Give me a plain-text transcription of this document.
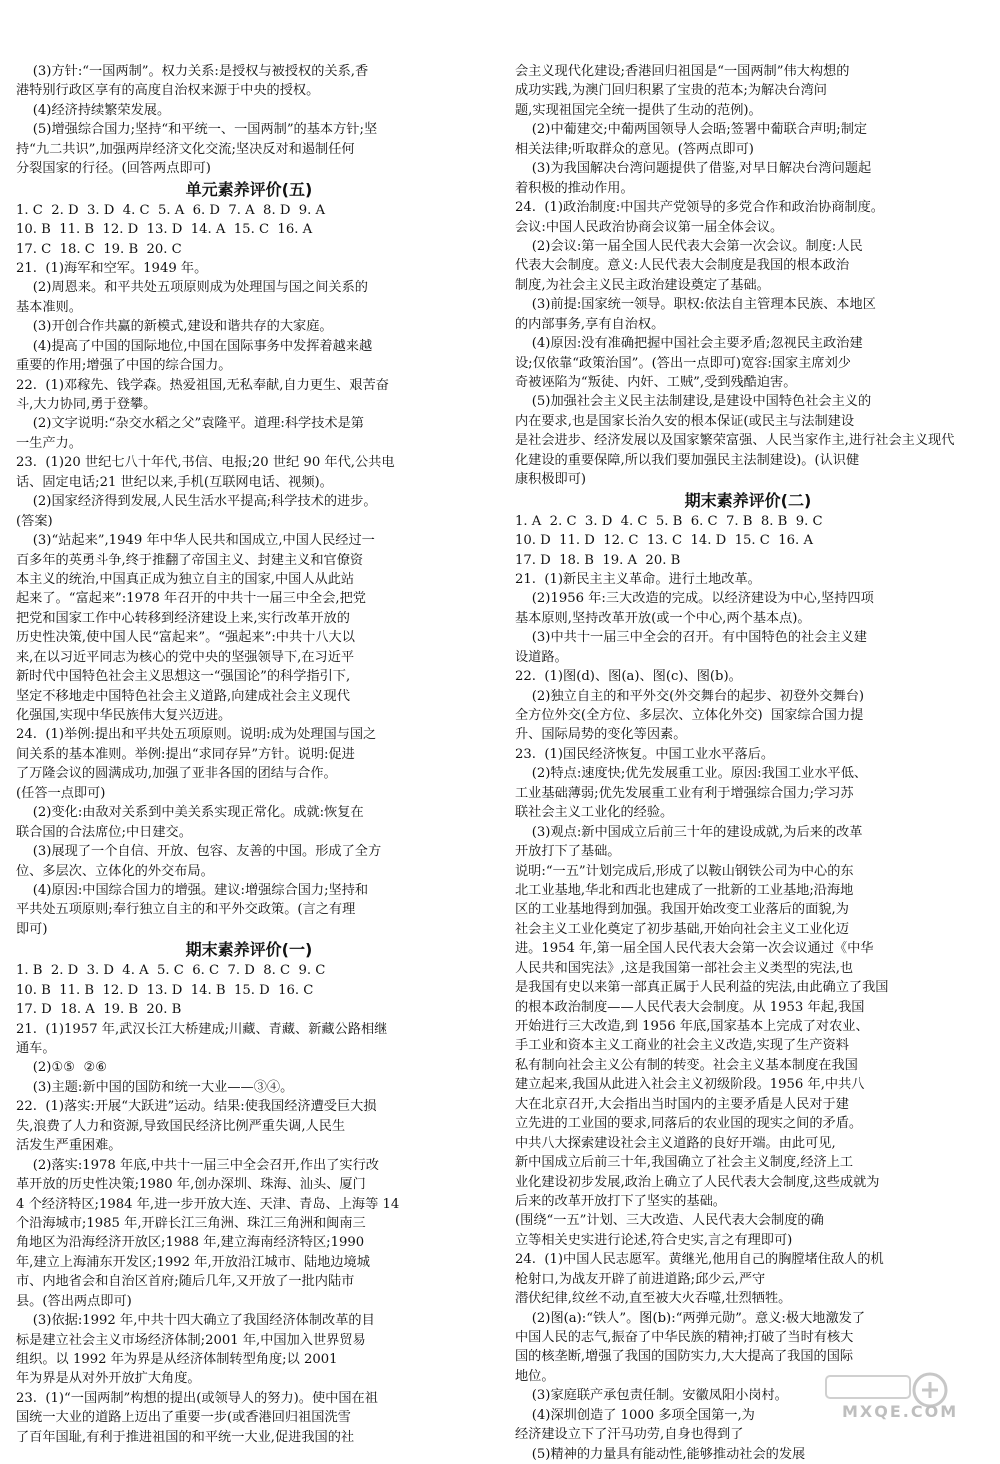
(3)方针:“一国两制”。权力关系:是授权与被授权的关系,香
港特别行政区享有的高度自治权来源于中央的授权。
(4)经济持续繁荣发展。
(5)增强综合国力;坚持“和平统一、一国两制”的基本方针;坚
持“九二共识”,加强两岸经济文化交流;坚决反对和遏制任何
分裂国家的行径。(回答两点即可)
单元素养评价(五)
1. C  2. D  3. D  4. C  5. A  6. D  7. A  8. D  9. A
10. B  11. B  12. D  13. D  14. A  15. C  16. A
17. C  18. C  19. B  20. C
21.  (1)海军和空军。1949 年。
(2)周恩来。和平共处五项原则成为处理国与国之间关系的
基本准则。
(3)开创合作共赢的新模式,建设和谐共存的大家庭。
(4)提高了中国的国际地位,中国在国际事务中发挥着越来越
重要的作用;增强了中国的综合国力。
22.  (1)邓稼先、钱学森。热爱祖国,无私奉献,自力更生、艰苦奋
斗,大力协同,勇于登攀。
(2)文字说明:“杂交水稻之父”袁隆平。道理:科学技术是第
一生产力。
23.  (1)20 世纪七八十年代,书信、电报;20 世纪 90 年代,公共电
话、固定电话;21 世纪以来,手机(互联网电话、视频)。
(2)国家经济得到发展,人民生活水平提高;科学技术的进步。
(答案)
(3)“站起来”,1949 年中华人民共和国成立,中国人民经过一
百多年的英勇斗争,终于推翻了帝国主义、封建主义和官僚资
本主义的统治,中国真正成为独立自主的国家,中国人从此站
起来了。“富起来”:1978 年召开的中共十一届三中全会,把党
把党和国家工作中心转移到经济建设上来,实行改革开放的
历史性决策,使中国人民“富起来”。“强起来”:中共十八大以
来,在以习近平同志为核心的党中央的坚强领导下,在习近平
新时代中国特色社会主义思想这一“强国论”的科学指引下,
坚定不移地走中国特色社会主义道路,向建成社会主义现代
化强国,实现中华民族伟大复兴迈进。
24.  (1)举例:提出和平共处五项原则。说明:成为处理国与国之
间关系的基本准则。举例:提出“求同存异”方针。说明:促进
了万隆会议的圆满成功,加强了亚非各国的团结与合作。
(任答一点即可)
(2)变化:由敌对关系到中美关系实现正常化。成就:恢复在
联合国的合法席位;中日建交。
(3)展现了一个自信、开放、包容、友善的中国。形成了全方
位、多层次、立体化的外交布局。
(4)原因:中国综合国力的增强。建议:增强综合国力;坚持和
平共处五项原则;奉行独立自主的和平外交政策。(言之有理
即可)
期末素养评价(一)
1. B  2. D  3. D  4. A  5. C  6. C  7. D  8. C  9. C
10. B  11. B  12. D  13. D  14. B  15. D  16. C
17. D  18. A  19. B  20. B
21.  (1)1957 年,武汉长江大桥建成;川藏、青藏、新藏公路相继
通车。
(2)①⑤  ②⑥
(3)主题:新中国的国防和统一大业——③④。
22.  (1)落实:开展“大跃进”运动。结果:使我国经济遭受巨大损
失,浪费了人力和资源,导致国民经济比例严重失调,人民生
活发生严重困难。
(2)落实:1978 年底,中共十一届三中全会召开,作出了实行改
革开放的历史性决策;1980 年,创办深圳、珠海、汕头、厦门
4 个经济特区;1984 年,进一步开放大连、天津、青岛、上海等 14
个沿海城市;1985 年,开辟长江三角洲、珠江三角洲和闽南三
角地区为沿海经济开放区;1988 年,建立海南经济特区;1990
年,建立上海浦东开发区;1992 年,开放沿江城市、陆地边境城
市、内地省会和自治区首府;随后几年,又开放了一批内陆市
县。(答出两点即可)
(3)依据:1992 年,中共十四大确立了我国经济体制改革的目
标是建立社会主义市场经济体制;2001 年,中国加入世界贸易
组织。以 1992 年为界是从经济体制转型角度;以 2001
年为界是从对外开放扩大角度。
23.  (1)“一国两制”构想的提出(或领导人的努力)。使中国在祖
国统一大业的道路上迈出了重要一步(或香港回归祖国洗雪
了百年国耻,有利于推进祖国的和平统一大业,促进我国的社
会主义现代化建设;香港回归祖国是“一国两制”伟大构想的
成功实践,为澳门回归积累了宝贵的范本;为解决台湾问
题,实现祖国完全统一提供了生动的范例)。
(2)中葡建交;中葡两国领导人会晤;签署中葡联合声明;制定
相关法律;听取群众的意见。(答两点即可)
(3)为我国解决台湾问题提供了借鉴,对早日解决台湾问题起
着积极的推动作用。
24.  (1)政治制度:中国共产党领导的多党合作和政治协商制度。
会议:中国人民政治协商会议第一届全体会议。
(2)会议:第一届全国人民代表大会第一次会议。制度:人民
代表大会制度。意义:人民代表大会制度是我国的根本政治
制度,为社会主义民主政治建设奠定了基础。
(3)前提:国家统一领导。职权:依法自主管理本民族、本地区
的内部事务,享有自治权。
(4)原因:没有准确把握中国社会主要矛盾;忽视民主政治建
设;仅依靠“政策治国”。(答出一点即可)宽容:国家主席刘少
奇被诬陷为“叛徒、内奸、工贼”,受到残酷迫害。
(5)加强社会主义民主法制建设,是建设中国特色社会主义的
内在要求,也是国家长治久安的根本保证(或民主与法制建设
是社会进步、经济发展以及国家繁荣富强、人民当家作主,进行社会主义现代
化建设的重要保障,所以我们要加强民主法制建设)。(认识健
康积极即可)
期末素养评价(二)
1. A  2. C  3. D  4. C  5. B  6. C  7. B  8. B  9. C
10. D  11. D  12. C  13. C  14. D  15. C  16. A
17. D  18. B  19. A  20. B
21.  (1)新民主主义革命。进行土地改革。
(2)1956 年:三大改造的完成。以经济建设为中心,坚持四项
基本原则,坚持改革开放(或一个中心,两个基本点)。
(3)中共十一届三中全会的召开。有中国特色的社会主义建
设道路。
22.  (1)图(d)、图(a)、图(c)、图(b)。
(2)独立自主的和平外交(外交舞台的起步、初登外交舞台)
全方位外交(全方位、多层次、立体化外交)  国家综合国力提
升、国际局势的变化等因素。
23.  (1)国民经济恢复。中国工业水平落后。
(2)特点:速度快;优先发展重工业。原因:我国工业水平低、
工业基础薄弱;优先发展重工业有利于增强综合国力;学习苏
联社会主义工业化的经验。
(3)观点:新中国成立后前三十年的建设成就,为后来的改革
开放打下了基础。
说明:“一五”计划完成后,形成了以鞍山钢铁公司为中心的东
北工业基地,华北和西北也建成了一批新的工业基地;沿海地
区的工业基地得到加强。我国开始改变工业落后的面貌,为
社会主义工业化奠定了初步基础,开始向社会主义工业化迈
进。1954 年,第一届全国人民代表大会第一次会议通过《中华
人民共和国宪法》,这是我国第一部社会主义类型的宪法,也
是我国有史以来第一部真正属于人民利益的宪法,由此确立了我国
的根本政治制度——人民代表大会制度。从 1953 年起,我国
开始进行三大改造,到 1956 年底,国家基本上完成了对农业、
手工业和资本主义工商业的社会主义改造,实现了生产资料
私有制向社会主义公有制的转变。社会主义基本制度在我国
建立起来,我国从此进入社会主义初级阶段。1956 年,中共八
大在北京召开,大会指出当时国内的主要矛盾是人民对于建
立先进的工业国的要求,同落后的农业国的现实之间的矛盾。
中共八大探索建设社会主义道路的良好开端。由此可见,
新中国成立后前三十年,我国确立了社会主义制度,经济上工
业化建设初步发展,政治上确立了人民代表大会制度,这些成就为
后来的改革开放打下了坚实的基础。
(围绕“一五”计划、三大改造、人民代表大会制度的确
立等相关史实进行论述,符合史实,言之有理即可)
24.  (1)中国人民志愿军。黄继光,他用自己的胸膛堵住敌人的机
枪射口,为战友开辟了前进道路;邱少云,严守
潜伏纪律,纹丝不动,直至被大火吞噬,壮烈牺牲。
(2)图(a):“铁人”。图(b):“两弹元勋”。意义:极大地激发了
中国人民的志气,振奋了中华民族的精神;打破了当时有核大
国的核垄断,增强了我国的国防实力,大大提高了我国的国际
地位。
(3)家庭联产承包责任制。安徽凤阳小岗村。
(4)深圳创造了 1000 多项全国第一,为
经济建设立下了汗马功劳,自身也得到了
(5)精神的力量具有能动性,能够推动社会的发展
MXQE.COM
